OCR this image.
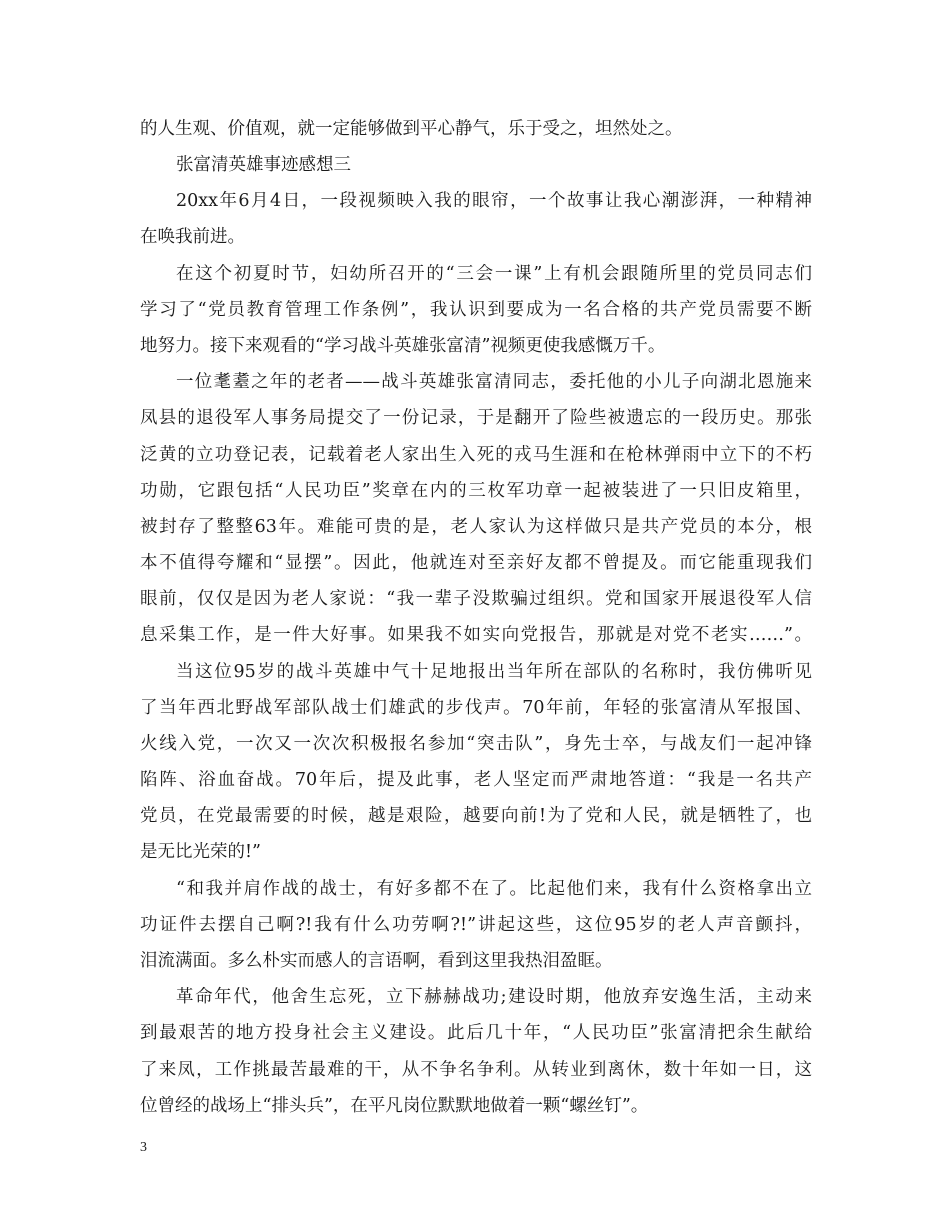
的人生观、价值观，就一定能够做到平心静气，乐于受之，坦然处之。
张富清英雄事迹感想三
20xx年6月4日，一段视频映入我的眼帘，一个故事让我心潮澎湃，一种精神
在唤我前进。
在这个初夏时节，妇幼所召开的“三会一课”上有机会跟随所里的党员同志们
学习了“党员教育管理工作条例”，我认识到要成为一名合格的共产党员需要不断
地努力。接下来观看的“学习战斗英雄张富清”视频更使我感慨万千。
一位耄耋之年的老者——战斗英雄张富清同志，委托他的小儿子向湖北恩施来
凤县的退役军人事务局提交了一份记录，于是翻开了险些被遗忘的一段历史。那张
泛黄的立功登记表，记载着老人家出生入死的戎马生涯和在枪林弹雨中立下的不朽
功勋，它跟包括“人民功臣”奖章在内的三枚军功章一起被装进了一只旧皮箱里，
被封存了整整63年。难能可贵的是，老人家认为这样做只是共产党员的本分，根
本不值得夸耀和“显摆”。因此，他就连对至亲好友都不曾提及。而它能重现我们
眼前，仅仅是因为老人家说：“我一辈子没欺骗过组织。党和国家开展退役军人信
息采集工作，是一件大好事。如果我不如实向党报告，那就是对党不老实……”。
当这位95岁的战斗英雄中气十足地报出当年所在部队的名称时，我仿佛听见
了当年西北野战军部队战士们雄武的步伐声。70年前，年轻的张富清从军报国、
火线入党，一次又一次次积极报名参加“突击队”，身先士卒，与战友们一起冲锋
陷阵、浴血奋战。70年后，提及此事，老人坚定而严肃地答道：“我是一名共产
党员，在党最需要的时候，越是艰险，越要向前!为了党和人民，就是牺牲了，也
是无比光荣的!”
“和我并肩作战的战士，有好多都不在了。比起他们来，我有什么资格拿出立
功证件去摆自己啊?!我有什么功劳啊?!”讲起这些，这位95岁的老人声音颤抖，
泪流满面。多么朴实而感人的言语啊，看到这里我热泪盈眶。
革命年代，他舍生忘死，立下赫赫战功;建设时期，他放弃安逸生活，主动来
到最艰苦的地方投身社会主义建设。此后几十年，“人民功臣”张富清把余生献给
了来凤，工作挑最苦最难的干，从不争名争利。从转业到离休，数十年如一日，这
位曾经的战场上“排头兵”，在平凡岗位默默地做着一颗“螺丝钉”。
3
